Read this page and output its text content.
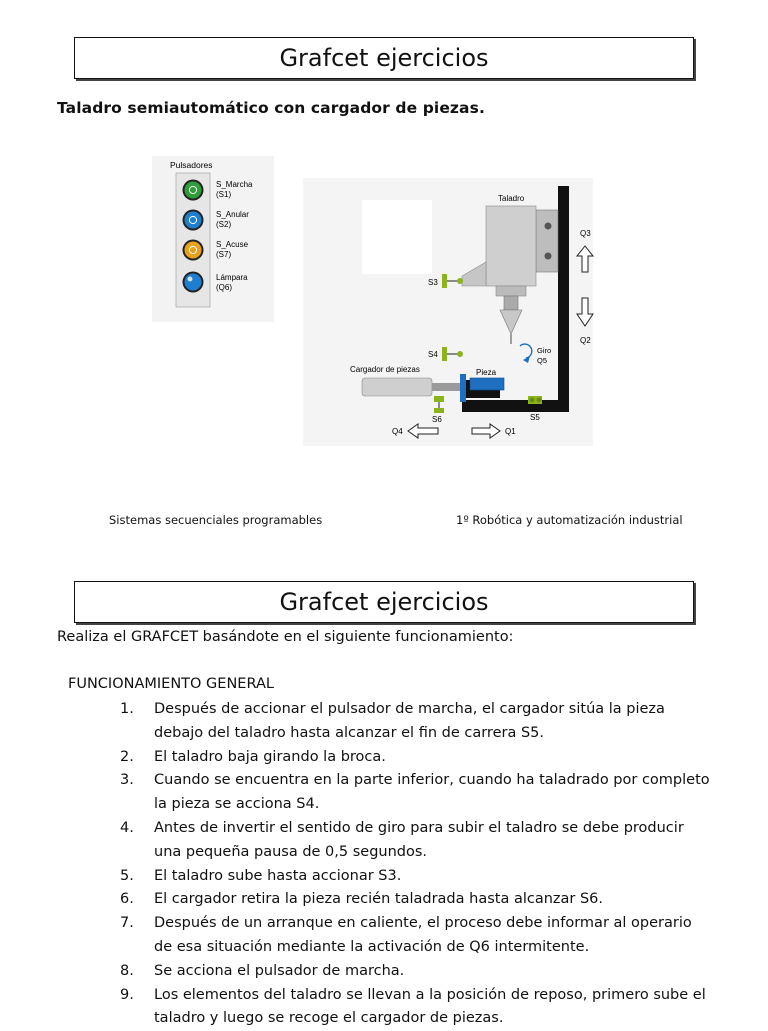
Grafcet ejercicios
Taladro semiautomático con cargador de piezas.
Pulsadores
S_Marcha
(S1)
S_Anular
(S2)
S_Acuse
(S7)
Lámpara
(Q6)
Taladro
S3
S4
Q3
Q2
Giro
Q5
Cargador de piezas	Pieza
S6	S5
Q4	Q1
Sistemas secuenciales programables	1º Robótica y automatización industrial
Grafcet ejercicios
Realiza el GRAFCET basándote en el siguiente funcionamiento:
FUNCIONAMIENTO GENERAL
1.	Después de accionar el pulsador de marcha, el cargador sitúa la pieza debajo del taladro hasta alcanzar el fin de carrera S5.
2.	El taladro baja girando la broca.
3.	Cuando se encuentra en la parte inferior, cuando ha taladrado por completo la pieza se acciona S4.
4.	Antes de invertir el sentido de giro para subir el taladro se debe producir una pequeña pausa de 0,5 segundos.
5.	El taladro sube hasta accionar S3.
6.	El cargador retira la pieza recién taladrada hasta alcanzar S6.
7.	Después de un arranque en caliente, el proceso debe informar al operario de esa situación mediante la activación de Q6 intermitente.
8.	Se acciona el pulsador de marcha.
9.	Los elementos del taladro se llevan a la posición de reposo, primero sube el taladro y luego se recoge el cargador de piezas.
